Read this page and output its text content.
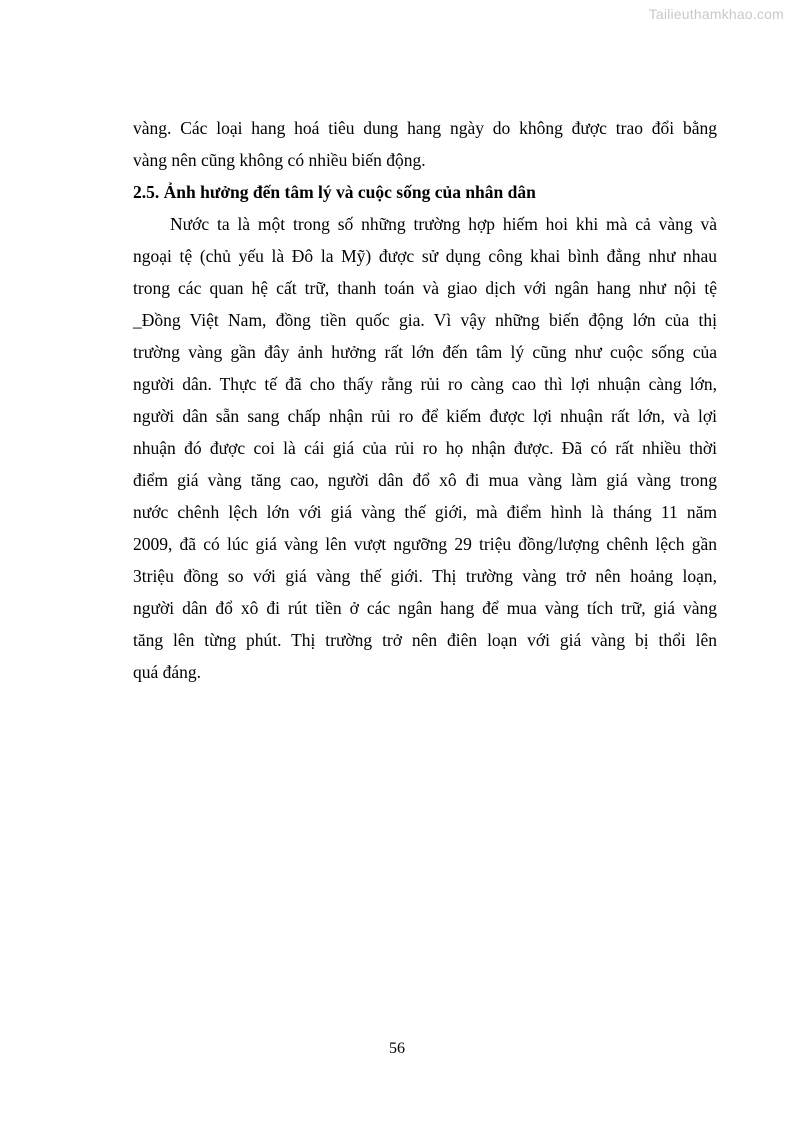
Tailieuthamkhao.com
vàng. Các loại hang hoá tiêu dung hang ngày do không được trao đổi bằng
vàng nên cũng không có nhiều biến động.
2.5. Ảnh hưởng đến tâm lý và cuộc sống của nhân dân
Nước ta là một trong số những trường hợp hiếm hoi khi mà cả vàng và
ngoại tệ (chủ yếu là Đô la Mỹ) được sử dụng công khai bình đẳng như nhau
trong các quan hệ cất trữ, thanh toán và giao dịch với ngân hang như nội tệ
_Đồng Việt Nam, đồng tiền quốc gia. Vì vậy những biến động lớn của thị
trường vàng gần đây ảnh hưởng rất lớn đến tâm lý cũng như cuộc sống của
người dân. Thực tế đã cho thấy rằng rủi ro càng cao thì lợi nhuận càng lớn,
người dân sẵn sang chấp nhận rủi ro để kiếm được lợi nhuận rất lớn, và lợi
nhuận đó được coi là cái giá của rủi ro họ nhận được. Đã có rất nhiều thời
điểm giá vàng tăng cao, người dân đổ xô đi mua vàng làm giá vàng trong
nước chênh lệch lớn với giá vàng thế giới, mà điểm hình là tháng 11 năm
2009, đã có lúc giá vàng lên vượt ngưỡng 29 triệu đồng/lượng chênh lệch gần
3triệu đồng so với giá vàng thế giới. Thị trường vàng trở nên hoảng loạn,
người dân đổ xô đi rút tiền ở các ngân hang để mua vàng tích trữ, giá vàng
tăng lên từng phút. Thị trường trở nên điên loạn với giá vàng bị thổi lên
quá đáng.
56
